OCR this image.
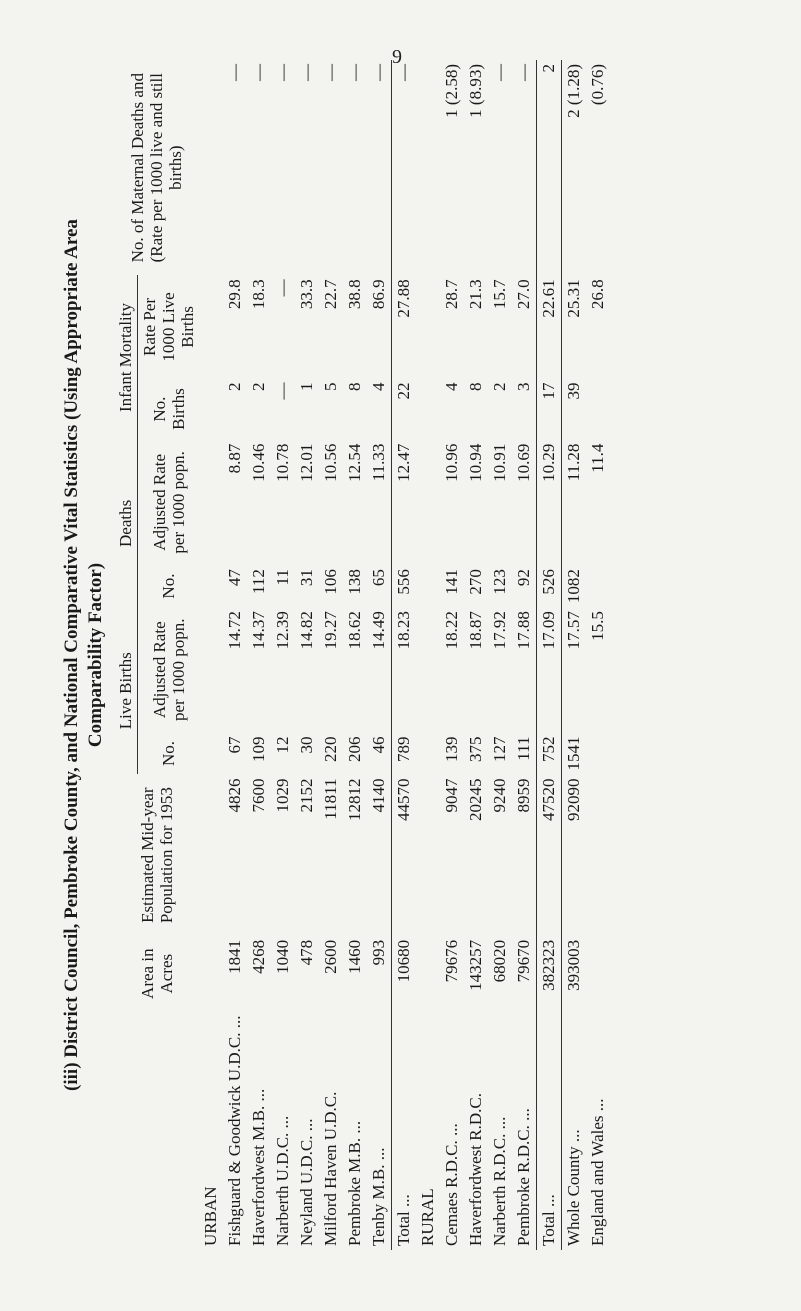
9
(iii) District Council, Pembroke County, and National Comparative Vital Statistics (Using Appropriate Area Comparability Factor)
	Area in Acres	Estimated Mid-year Population for 1953	Live Births		Deaths		Infant Mortality		No. of Maternal Deaths and (Rate per 1000 live and still births)
			No.	Adjusted Rate per 1000 popn.	No.	Adjusted Rate per 1000 popn.	No. Births	Rate Per 1000 Live Births	
URBAN									
Fishguard & Goodwick U.D.C. ...	1841	4826	67	14.72	47	8.87	2	29.8	—
Haverfordwest M.B. ...	4268	7600	109	14.37	112	10.46	2	18.3	—
Narberth U.D.C. ...	1040	1029	12	12.39	11	10.78	—	—	—
Neyland U.D.C. ...	478	2152	30	14.82	31	12.01	1	33.3	—
Milford Haven U.D.C.	2600	11811	220	19.27	106	10.56	5	22.7	—
Pembroke M.B. ...	1460	12812	206	18.62	138	12.54	8	38.8	—
Tenby M.B. ...	993	4140	46	14.49	65	11.33	4	86.9	—
Total ...	10680	44570	789	18.23	556	12.47	22	27.88	—
RURAL									
Cemaes R.D.C. ...	79676	9047	139	18.22	141	10.96	4	28.7	1 (2.58)
Haverfordwest R.D.C.	143257	20245	375	18.87	270	10.94	8	21.3	1 (8.93)
Narberth R.D.C. ...	68020	9240	127	17.92	123	10.91	2	15.7	—
Pembroke R.D.C. ...	79670	8959	111	17.88	92	10.69	3	27.0	—
Total ...	382323	47520	752	17.09	526	10.29	17	22.61	2
Whole County ...	393003	92090	1541	17.57	1082	11.28	39	25.31	2 (1.28)
England and Wales ...				15.5		11.4		26.8	(0.76)
